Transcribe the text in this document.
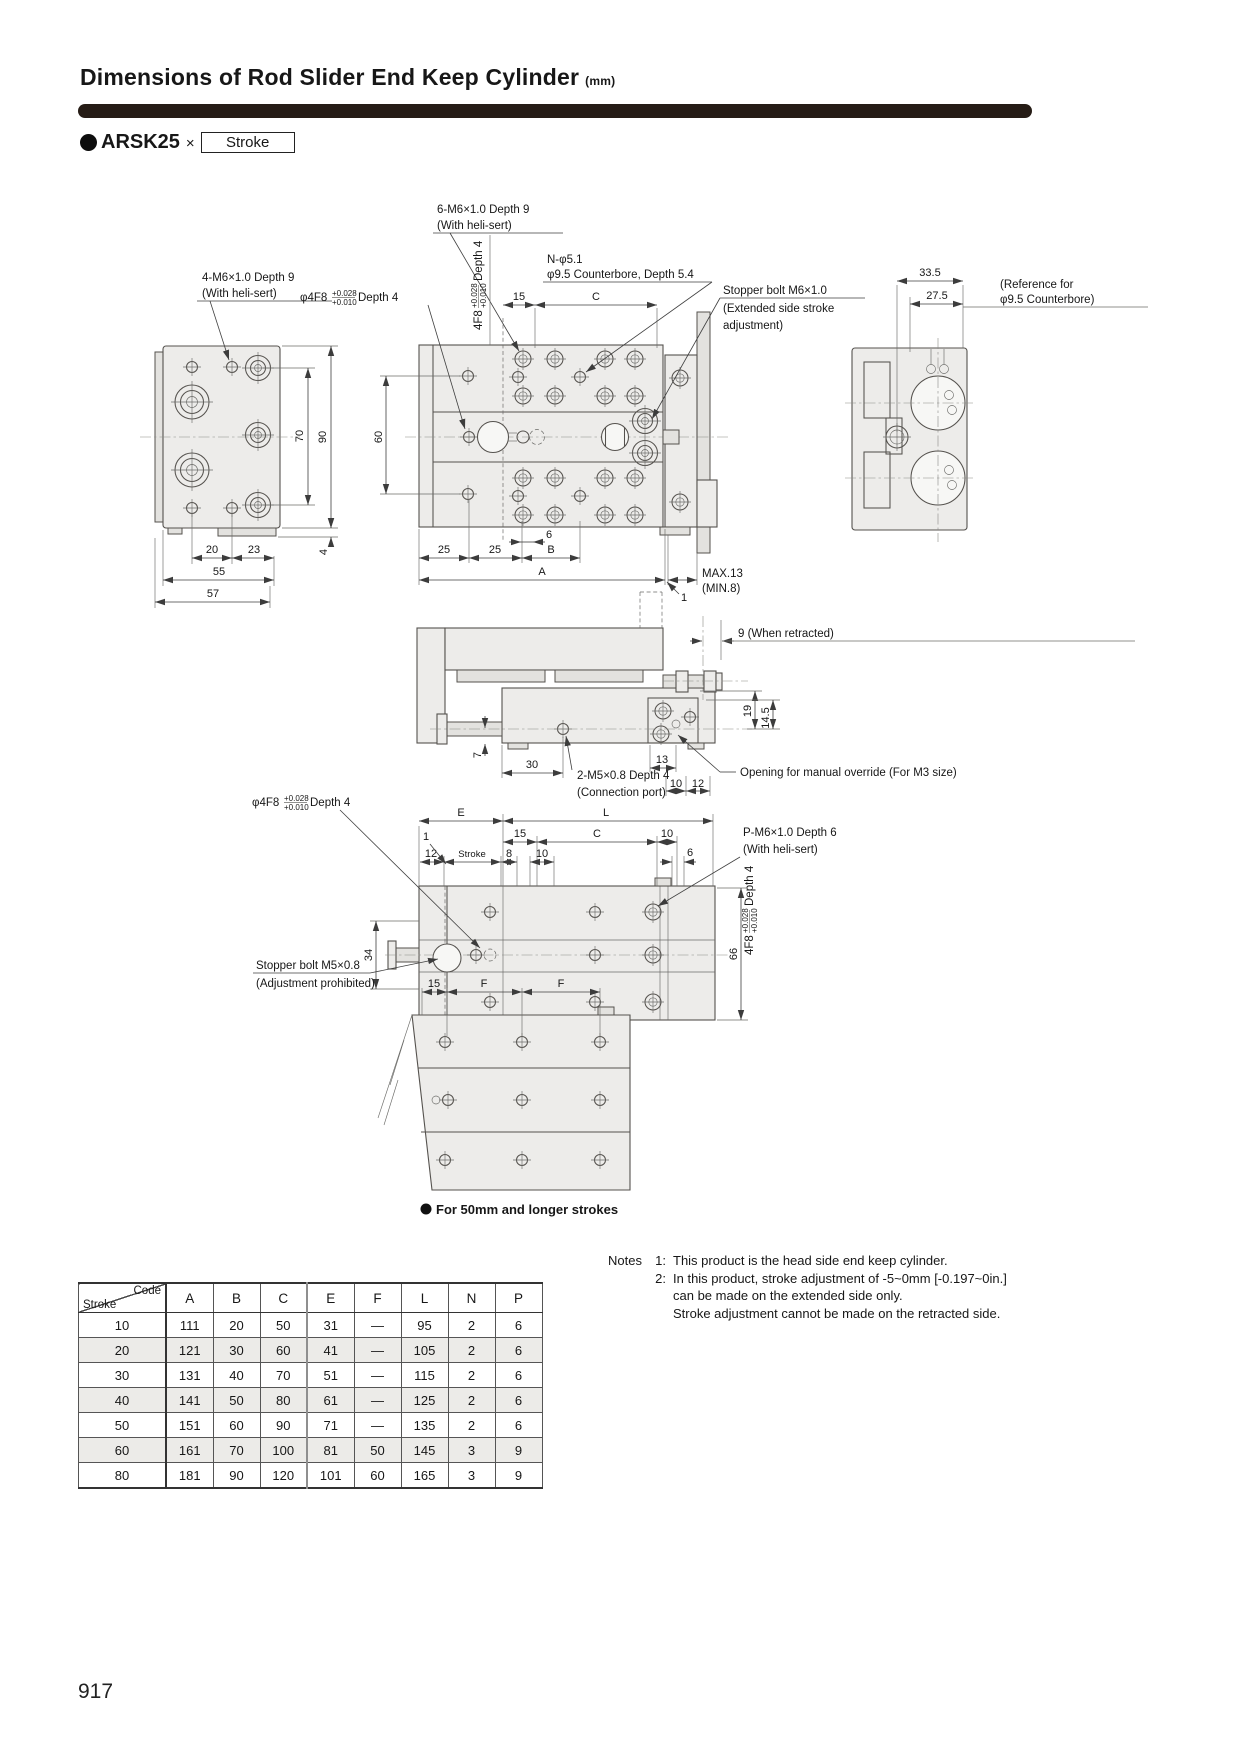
Dimensions of Rod Slider End Keep Cylinder (mm)
ARSK25 ×	Stroke
4-M6×1.0 Depth 9
(With heli-sert)
70 90
4
20	23
55
57
15	C
60
25	25	B
6
A	MAX.13
(MIN.8)
1
6-M6×1.0 Depth 9
(With heli-sert)
φ4F8 +0.028
+0.010 Depth 4
4F8
+0.028 +0.010
Depth 4	N-φ5.1
φ9.5 Counterbore, Depth 5.4
Stopper bolt M6×1.0
(Extended side stroke
adjustment)
33.5
27.5
(Reference for
φ9.5 Counterbore)
9 (When retracted)
19 14.5
7
30	13
10 12
2-M5×0.8 Depth 4
(Connection port)
Opening for manual override (For M3 size)
E	L
15	C	10
12 Stroke 8 10	6
1	P-M6×1.0 Depth 6
(With heli-sert)
4F8
+0.028 +0.010
Depth 4
φ4F8 +0.028
+0.010 Depth 4
34	66
Stopper bolt M5×0.8
(Adjustment prohibited)	15	F	F
For 50mm and longer strokes
Code
Stroke	A	B	C	E	F	L	N	P
10	111	20	50	31	—	95	2	6
20	121	30	60	41	—	105	2	6
30	131	40	70	51	—	115	2	6
40	141	50	80	61	—	125	2	6
50	151	60	90	71	—	135	2	6
60	161	70	100	81	50	145	3	9
80	181	90	120	101	60	165	3	9
Notes 1: This product is the head side end keep cylinder.
2: In this product, stroke adjustment of -5~0mm [-0.197~0in.]
can be made on the extended side only.
Stroke adjustment cannot be made on the retracted side.
917
